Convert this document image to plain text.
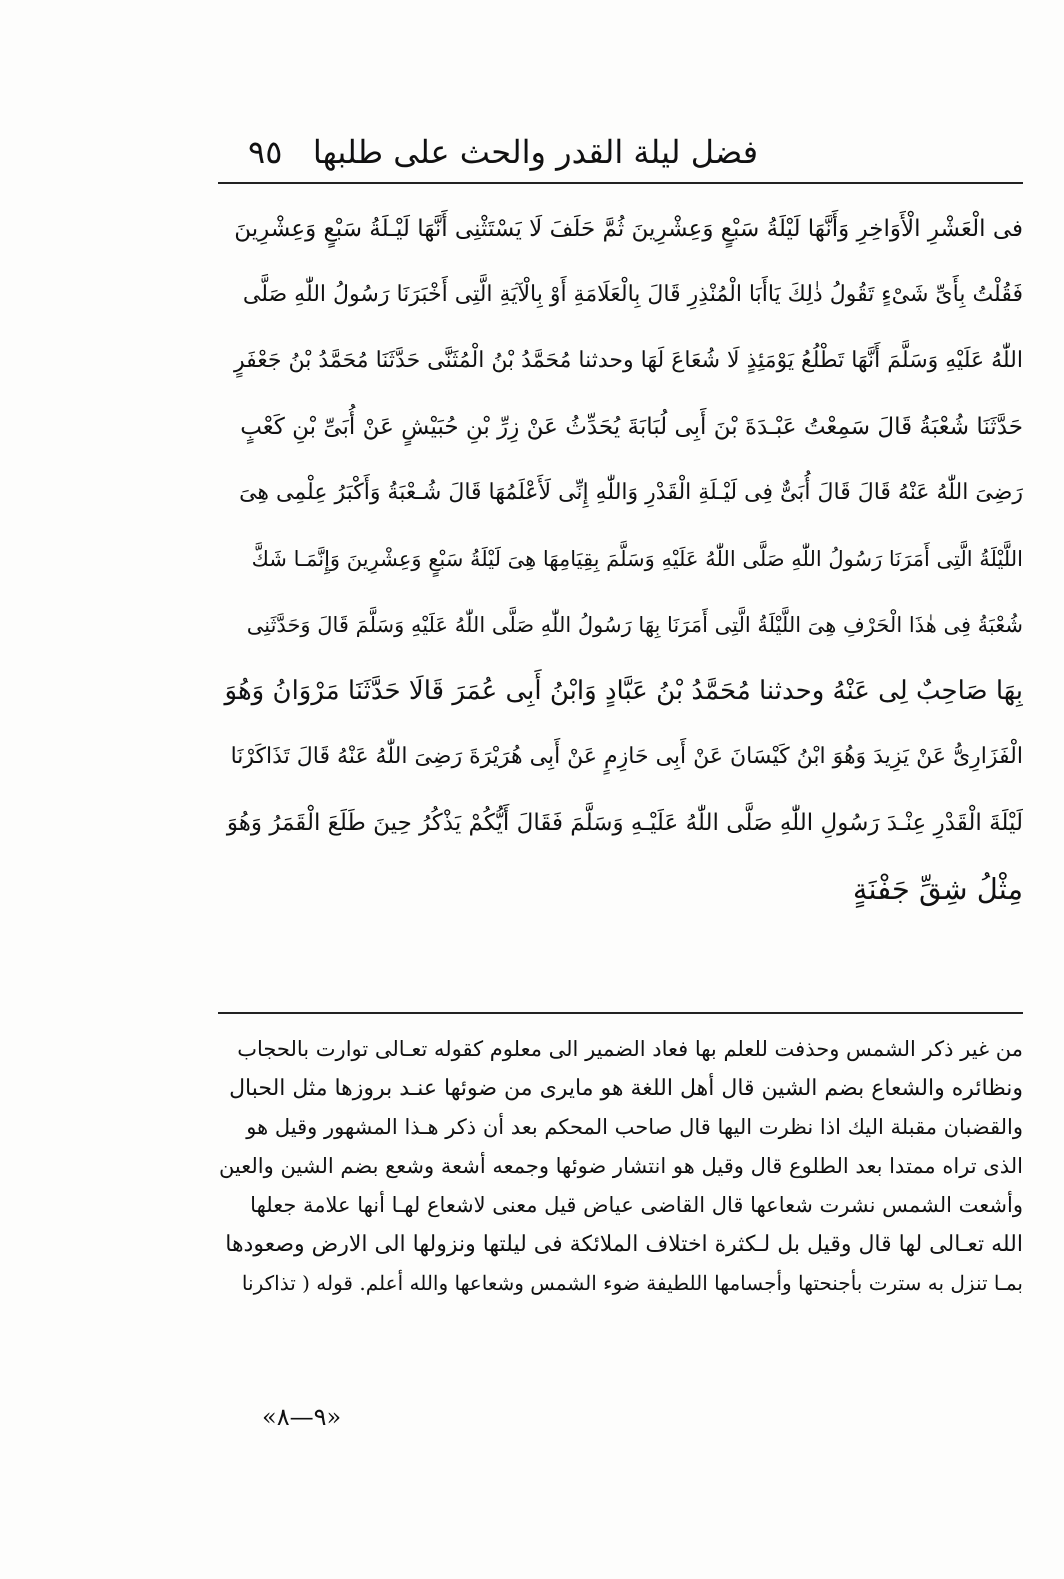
فضل ليلة القدر والحث على طلبها
٩٥
فى الْعَشْرِ الْأَوَاخِرِ وَأَنَّهَا لَيْلَةُ سَبْعٍ وَعِشْرِينَ ثُمَّ حَلَفَ لَا يَسْتَثْنِى أَنَّهَا لَيْـلَةُ سَبْعٍ وَعِشْرِينَ
فَقُلْتُ بِأَىِّ شَىْءٍ تَقُولُ ذٰلِكَ يَاأَبَا الْمُنْذِرِ قَالَ بِالْعَلَامَةِ أَوْ بِالْآيَةِ الَّتِى أَخْبَرَنَا رَسُولُ اللّٰهِ صَلَّى
اللّٰهُ عَلَيْهِ وَسَلَّمَ أَنَّهَا تَطْلُعُ يَوْمَئِذٍ لَا شُعَاعَ لَهَا وحدثنا مُحَمَّدُ بْنُ الْمُثَنَّى حَدَّثَنَا مُحَمَّدُ بْنُ جَعْفَرٍ
حَدَّثَنَا شُعْبَةُ قَالَ سَمِعْتُ عَبْـدَةَ بْنَ أَبِى لُبَابَةَ يُحَدِّثُ عَنْ زِرِّ بْنِ حُبَيْشٍ عَنْ أُبَىِّ بْنِ كَعْبٍ
رَضِىَ اللّٰهُ عَنْهُ قَالَ قَالَ أُبَىٌّ فِى لَيْـلَةِ الْقَدْرِ وَاللّٰهِ إِنِّى لَأَعْلَمُهَا قَالَ شُـعْبَةُ وَأَكْبَرُ عِلْمِى هِىَ
اللَّيْلَةُ الَّتِى أَمَرَنَا رَسُولُ اللّٰهِ صَلَّى اللّٰهُ عَلَيْهِ وَسَلَّمَ بِقِيَامِهَا هِىَ لَيْلَةُ سَبْعٍ وَعِشْرِينَ وَإِنَّمَـا شَكَّ
شُعْبَةُ فِى هٰذَا الْحَرْفِ هِىَ اللَّيْلَةُ الَّتِى أَمَرَنَا بِهَا رَسُولُ اللّٰهِ صَلَّى اللّٰهُ عَلَيْهِ وَسَلَّمَ قَالَ وَحَدَّثَنِى
بِهَا صَاحِبٌ لِى عَنْهُ وحدثنا مُحَمَّدُ بْنُ عَبَّادٍ وَابْنُ أَبِى عُمَرَ قَالَا حَدَّثَنَا مَرْوَانُ وَهُوَ
الْفَزَارِىُّ عَنْ يَزِيدَ وَهُوَ ابْنُ كَيْسَانَ عَنْ أَبِى حَازِمٍ عَنْ أَبِى هُرَيْرَةَ رَضِىَ اللّٰهُ عَنْهُ قَالَ تَذَاكَرْنَا
لَيْلَةَ الْقَدْرِ عِنْـدَ رَسُولِ اللّٰهِ صَلَّى اللّٰهُ عَلَيْـهِ وَسَلَّمَ فَقَالَ أَيُّكُمْ يَذْكُرُ حِينَ طَلَعَ الْقَمَرُ وَهُوَ
مِثْلُ شِقِّ جَفْنَةٍ
من غير ذكر الشمس وحذفت للعلم بها فعاد الضمير الى معلوم كقوله تعـالى توارت بالحجاب
ونظائره والشعاع بضم الشين قال أهل اللغة هو مايرى من ضوئها عنـد بروزها مثل الحبال
والقضبان مقبلة اليك اذا نظرت اليها قال صاحب المحكم بعد أن ذكر هـذا المشهور وقيل هو
الذى تراه ممتدا بعد الطلوع قال وقيل هو انتشار ضوئها وجمعه أشعة وشعع بضم الشين والعين
وأشعت الشمس نشرت شعاعها قال القاضى عياض قيل معنى لاشعاع لهـا أنها علامة جعلها
الله تعـالى لها قال وقيل بل لـكثرة اختلاف الملائكة فى ليلتها ونزولها الى الارض وصعودها
بمـا تنزل به سترت بأجنحتها وأجسامها اللطيفة ضوء الشمس وشعاعها والله أعلم. قوله ( تذاكرنا
«٩—٨»
